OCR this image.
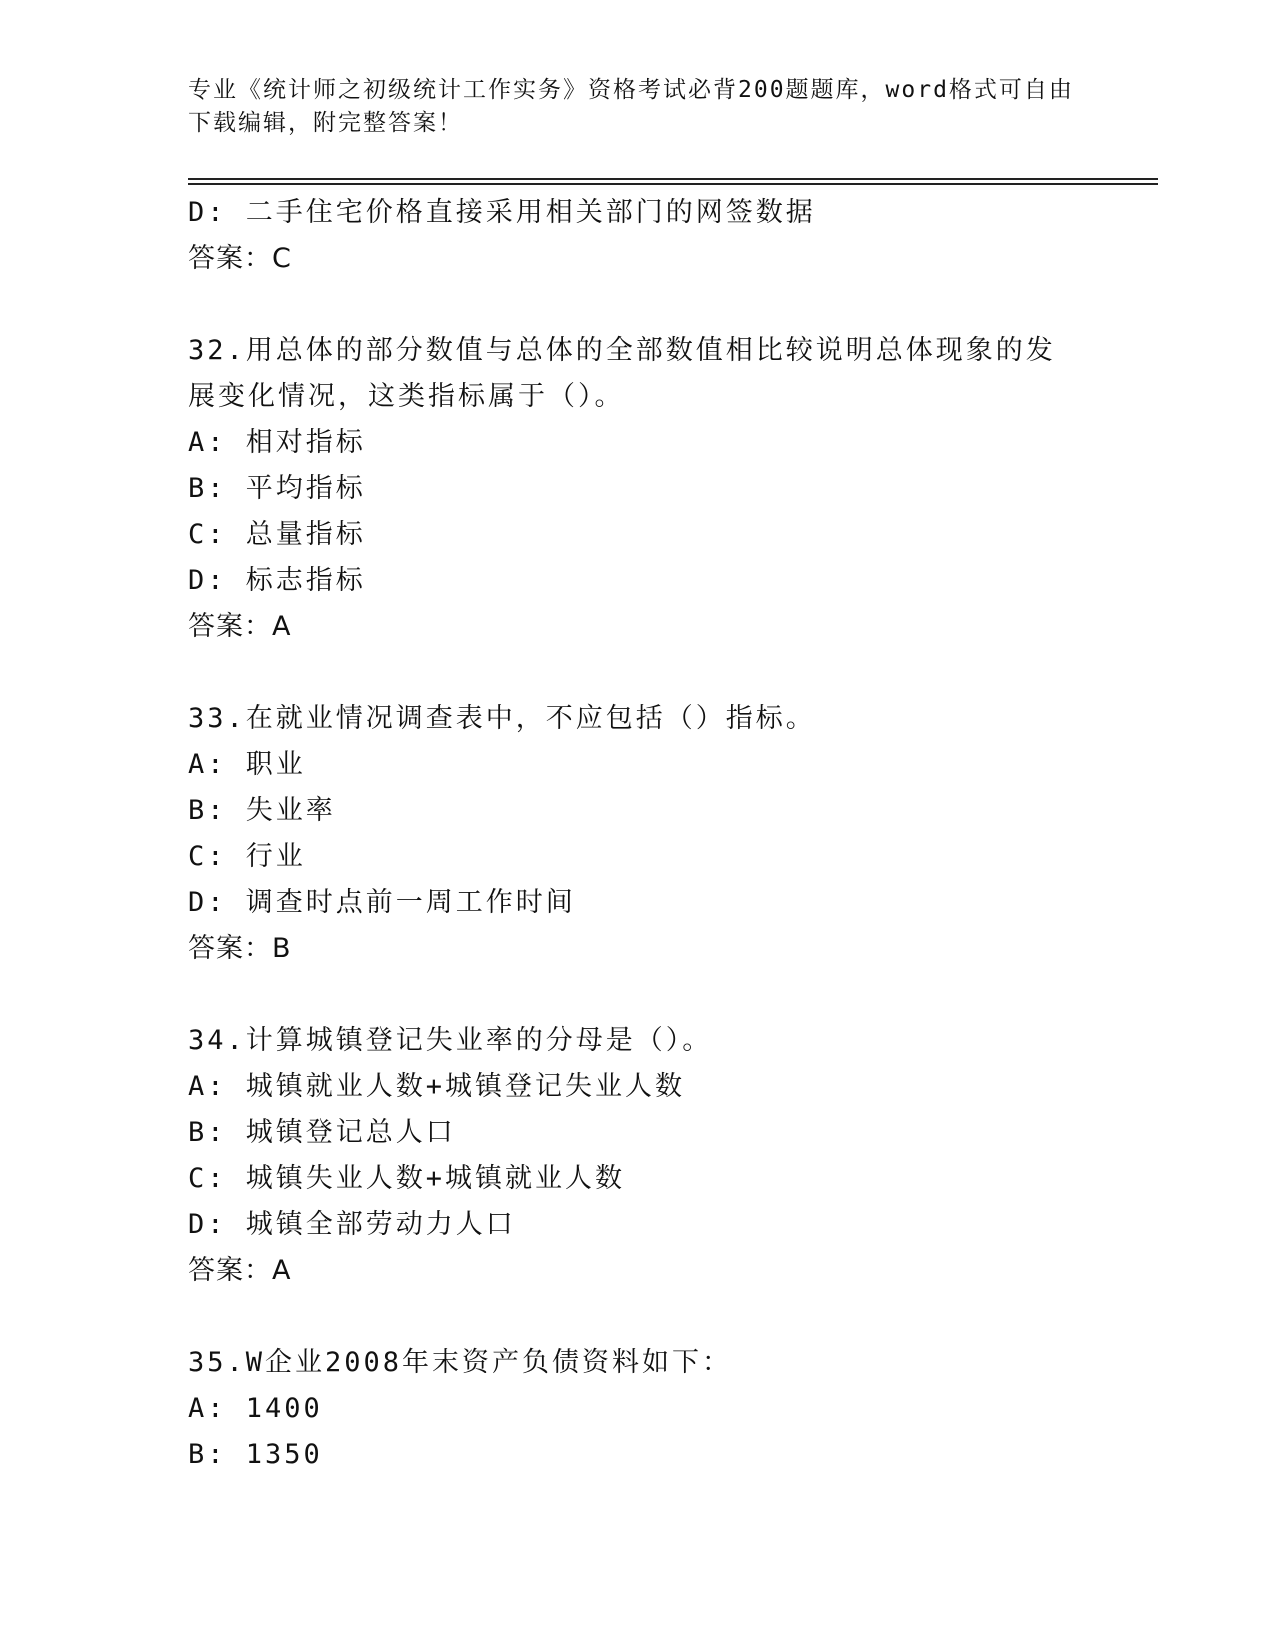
专业《统计师之初级统计工作实务》资格考试必背200题题库，word格式可自由下载编辑，附完整答案！
D: 二手住宅价格直接采用相关部门的网签数据
答案：C
32.用总体的部分数值与总体的全部数值相比较说明总体现象的发展变化情况，这类指标属于（）。
A: 相对指标
B: 平均指标
C: 总量指标
D: 标志指标
答案：A
33.在就业情况调查表中，不应包括（）指标。
A: 职业
B: 失业率
C: 行业
D: 调查时点前一周工作时间
答案：B
34.计算城镇登记失业率的分母是（）。
A: 城镇就业人数+城镇登记失业人数
B: 城镇登记总人口
C: 城镇失业人数+城镇就业人数
D: 城镇全部劳动力人口
答案：A
35.W企业2008年末资产负债资料如下：
A: 1400
B: 1350
